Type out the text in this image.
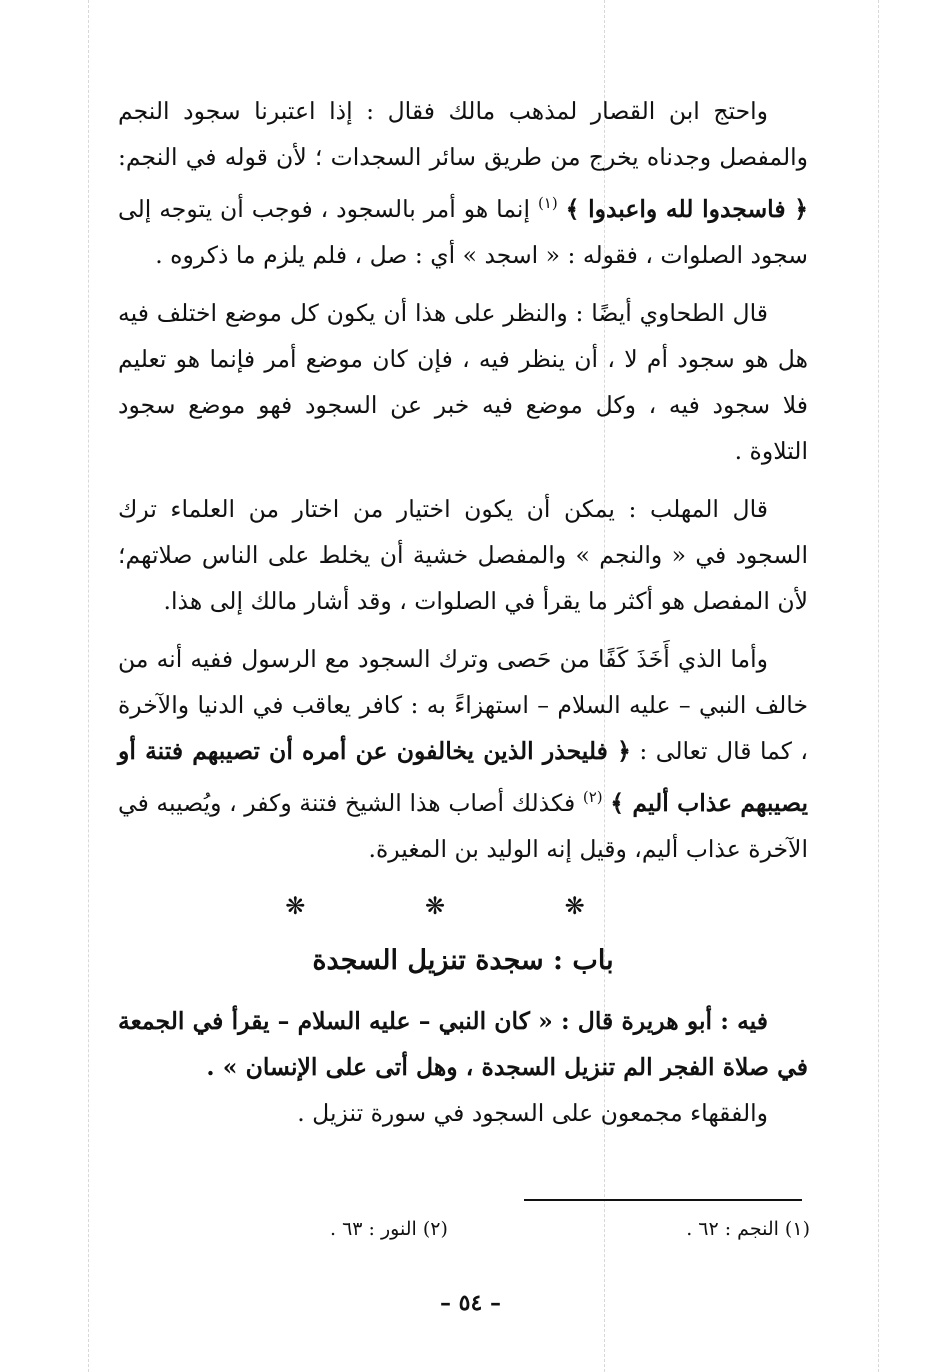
واحتج ابن القصار لمذهب مالك فقال : إذا اعتبرنا سجود النجم والمفصل وجدناه يخرج من طريق سائر السجدات ؛ لأن قوله في النجم: ﴿ فاسجدوا لله واعبدوا ﴾ $^{(١)}$ إنما هو أمر بالسجود ، فوجب أن يتوجه إلى سجود الصلوات ، فقوله : « اسجد » أي : صل ، فلم يلزم ما ذكروه .

قال الطحاوي أيضًا : والنظر على هذا أن يكون كل موضع اختلف فيه هل هو سجود أم لا ، أن ينظر فيه ، فإن كان موضع أمر فإنما هو تعليم فلا سجود فيه ، وكل موضع فيه خبر عن السجود فهو موضع سجود التلاوة .

قال المهلب : يمكن أن يكون اختيار من اختار من العلماء ترك السجود في « والنجم » والمفصل خشية أن يخلط على الناس صلاتهم؛ لأن المفصل هو أكثر ما يقرأ في الصلوات ، وقد أشار مالك إلى هذا.

وأما الذي أَخَذَ كَفًا من حَصى وترك السجود مع الرسول ففيه أنه من خالف النبي – عليه السلام – استهزاءً به : كافر يعاقب في الدنيا والآخرة ، كما قال تعالى : ﴿ فليحذر الذين يخالفون عن أمره أن تصيبهم فتنة أو يصيبهم عذاب أليم ﴾ $^{(٢)}$ فكذلك أصاب هذا الشيخ فتنة وكفر ، ويُصيبه في الآخرة عذاب أليم، وقيل إنه الوليد بن المغيرة.

❋ ❋ ❋
باب : سجدة تنزيل السجدة

فيه : أبو هريرة قال : « كان النبي – عليه السلام – يقرأ في الجمعة في صلاة الفجر الم تنزيل السجدة ، وهل أتى على الإنسان » .

والفقهاء مجمعون على السجود في سورة تنزيل .

(١) النجم : ٦٢ .
(٢) النور : ٦٣ .
– ٥٤ –
